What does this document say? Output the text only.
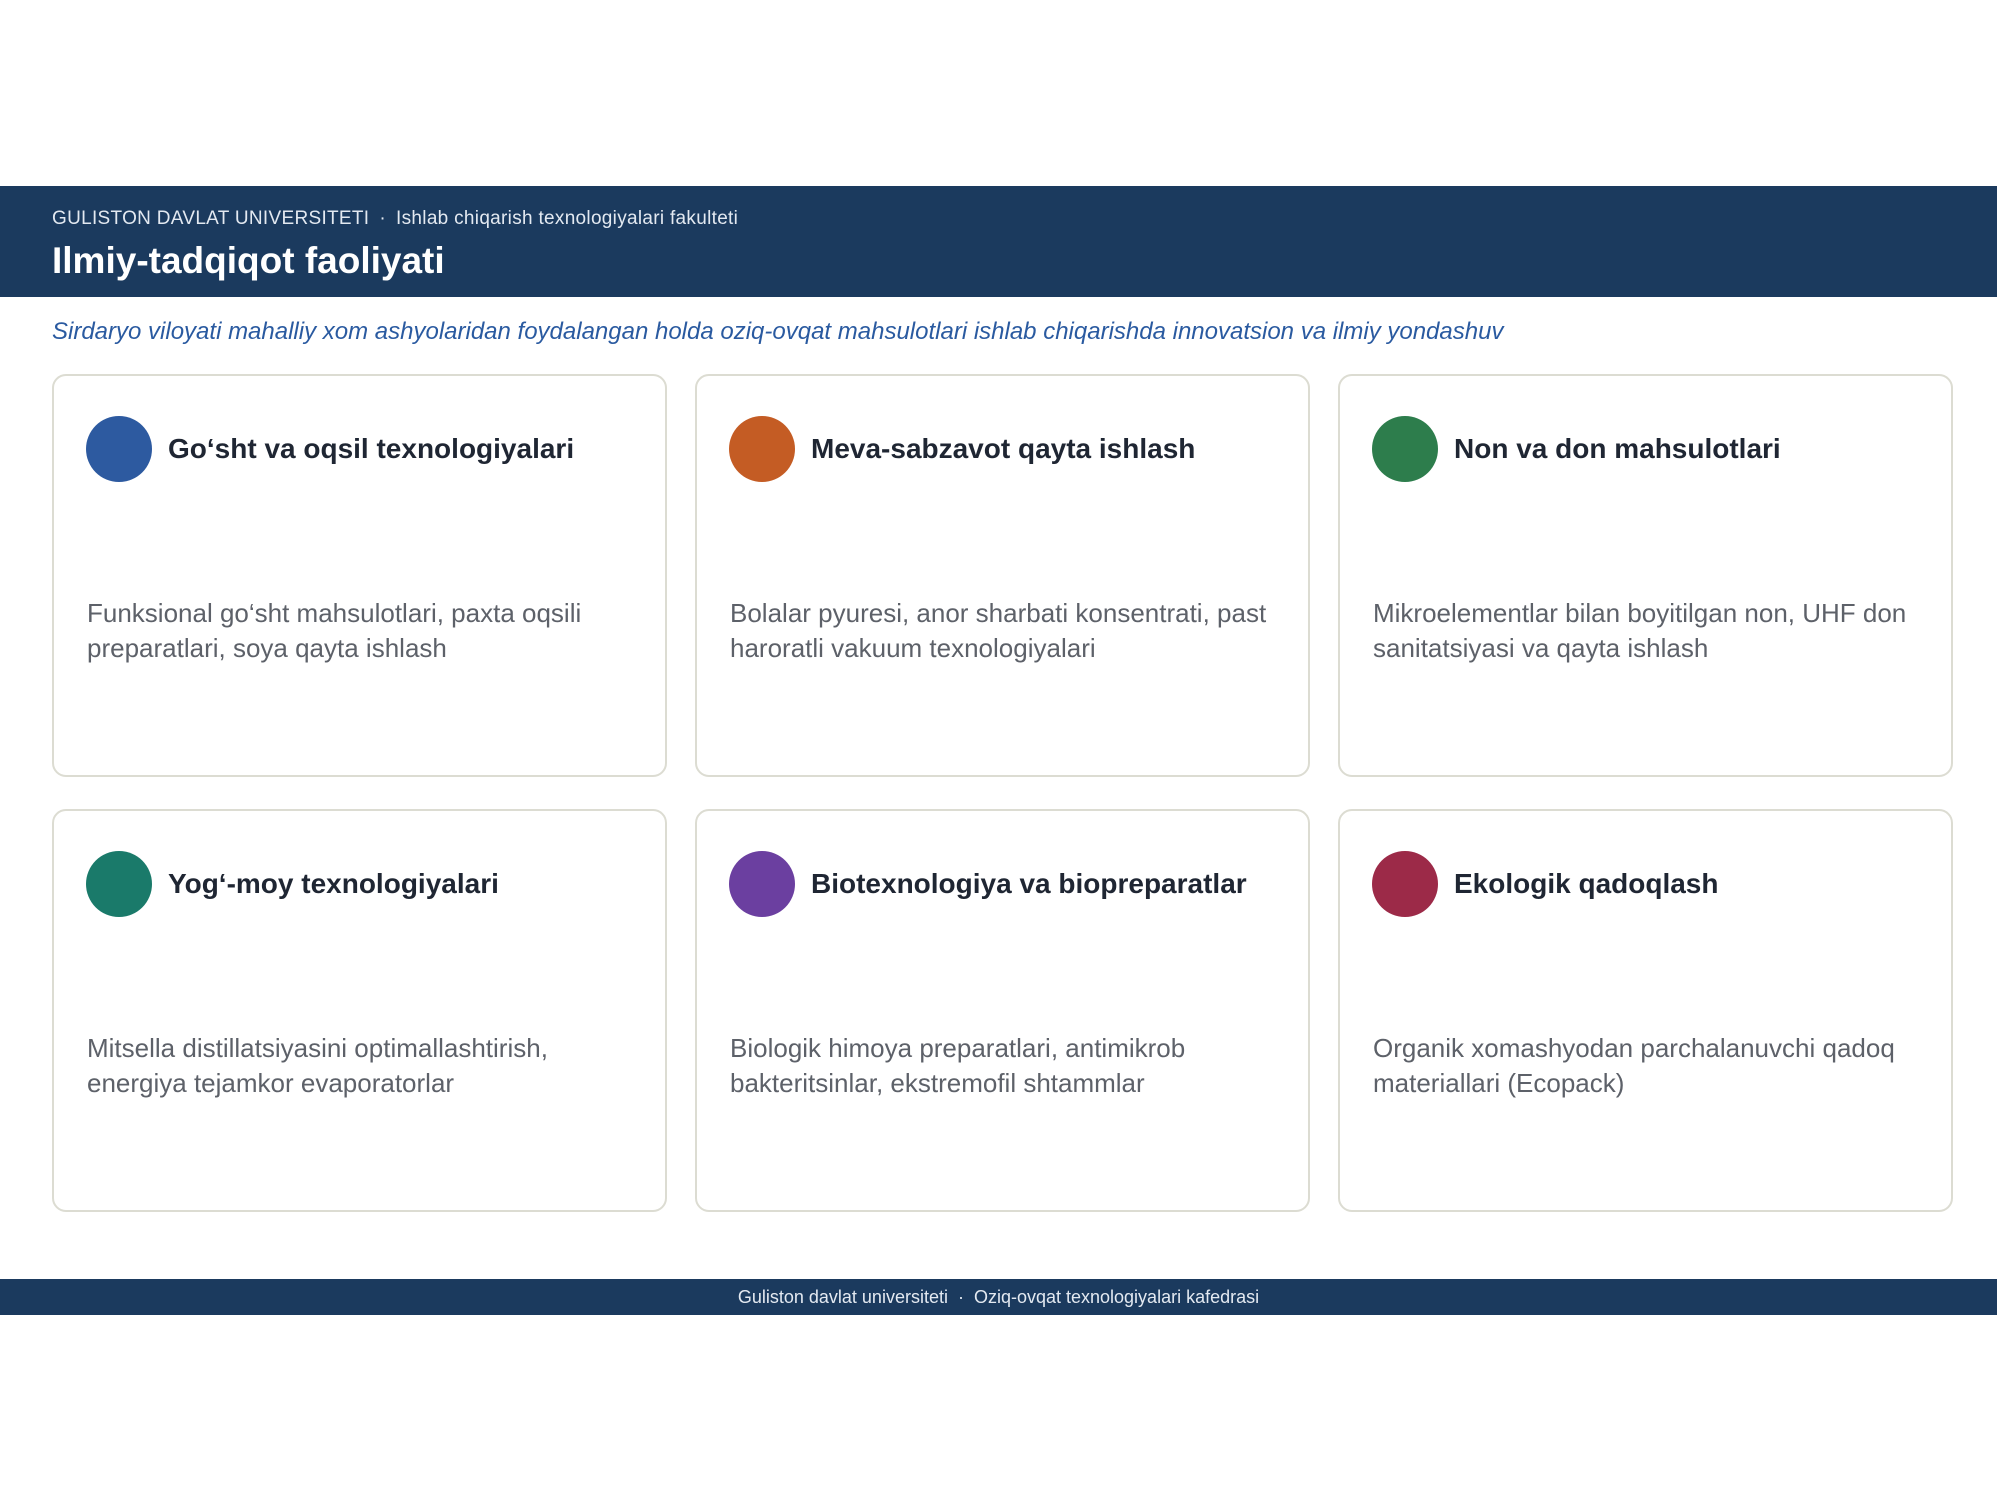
GULISTON DAVLAT UNIVERSITETI · Ishlab chiqarish texnologiyalari fakulteti
Ilmiy-tadqiqot faoliyati
Sirdaryo viloyati mahalliy xom ashyolaridan foydalangan holda oziq-ovqat mahsulotlari ishlab chiqarishda innovatsion va ilmiy yondashuv
Go‘sht va oqsil texnologiyalari
Funksional go‘sht mahsulotlari, paxta oqsili preparatlari, soya qayta ishlash
Meva-sabzavot qayta ishlash
Bolalar pyuresi, anor sharbati konsentrati, past haroratli vakuum texnologiyalari
Non va don mahsulotlari
Mikroelementlar bilan boyitilgan non, UHF don sanitatsiyasi va qayta ishlash
Yog‘-moy texnologiyalari
Mitsella distillatsiyasini optimallashtirish, energiya tejamkor evaporatorlar
Biotexnologiya va biopreparatlar
Biologik himoya preparatlari, antimikrob bakteritsinlar, ekstremofil shtammlar
Ekologik qadoqlash
Organik xomashyodan parchalanuvchi qadoq materiallari (Ecopack)
Guliston davlat universiteti · Oziq-ovqat texnologiyalari kafedrasi
